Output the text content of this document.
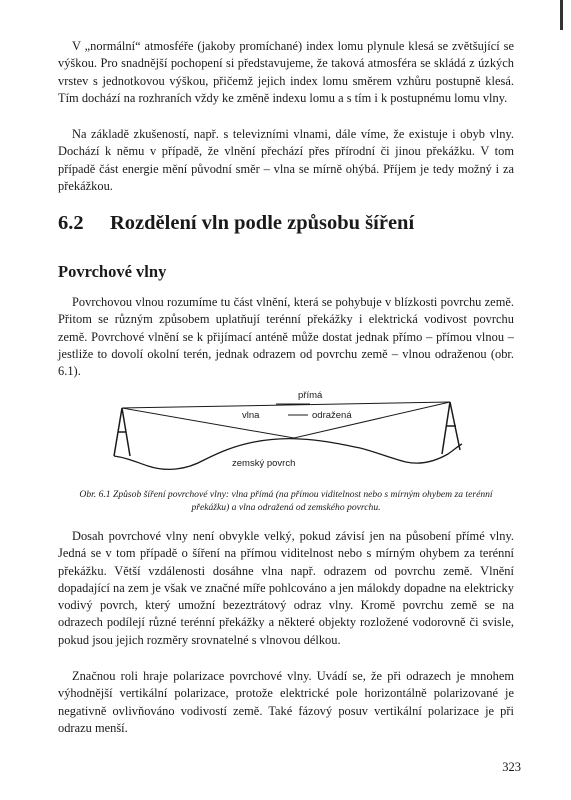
V „normální“ atmosféře (jakoby promíchané) index lomu plynule klesá se zvětšující se výškou. Pro snadnější pochopení si představujeme, že taková atmosféra se skládá z úzkých vrstev s jednotkovou výškou, přičemž jejich index lomu směrem vzhůru postupně klesá. Tím dochází na rozhraních vždy ke změně indexu lomu a s tím i k postupnému lomu vlny.

Na základě zkušeností, např. s televizními vlnami, dále víme, že existuje i obyb vlny. Dochází k němu v případě, že vlnění přechází přes přírodní či jinou překážku. V tom případě část energie mění původní směr – vlna se mírně ohýbá. Příjem je tedy možný i za překážkou.

6.2 Rozdělení vln podle způsobu šíření
Povrchové vlny

Povrchovou vlnou rozumíme tu část vlnění, která se pohybuje v blízkosti povrchu země. Přitom se různým způsobem uplatňují terénní překážky i elektrická vodivost povrchu země. Povrchové vlnění se k přijímací anténě může dostat jednak přímo – přímou vlnou – jestliže to dovolí okolní terén, jednak odrazem od povrchu země – vlnou odraženou (obr. 6.1).

přímá
vlna	odražená
zemský povrch
Obr. 6.1 Způsob šíření povrchové vlny: vlna přímá (na přímou viditelnost nebo s mírným ohybem za terénní překážku) a vlna odražená od zemského povrchu.

Dosah povrchové vlny není obvykle velký, pokud závisí jen na působení přímé vlny. Jedná se v tom případě o šíření na přímou viditelnost nebo s mírným ohybem za terénní překážku. Větší vzdálenosti dosáhne vlna např. odrazem od povrchu země. Vlnění dopadající na zem je však ve značné míře pohlcováno a jen málokdy dopadne na elektricky vodivý povrch, který umožní bezeztrátový odraz vlny. Kromě povrchu země se na odrazech podílejí různé terénní překážky a některé objekty rozložené vodorovně či svisle, pokud jsou jejich rozměry srovnatelné s vlnovou délkou.

Značnou roli hraje polarizace povrchové vlny. Uvádí se, že při odrazech je mnohem výhodnější vertikální polarizace, protože elektrické pole horizontálně polarizované je negativně ovlivňováno vodivostí země. Také fázový posuv vertikální polarizace je při odrazu menší.

323
